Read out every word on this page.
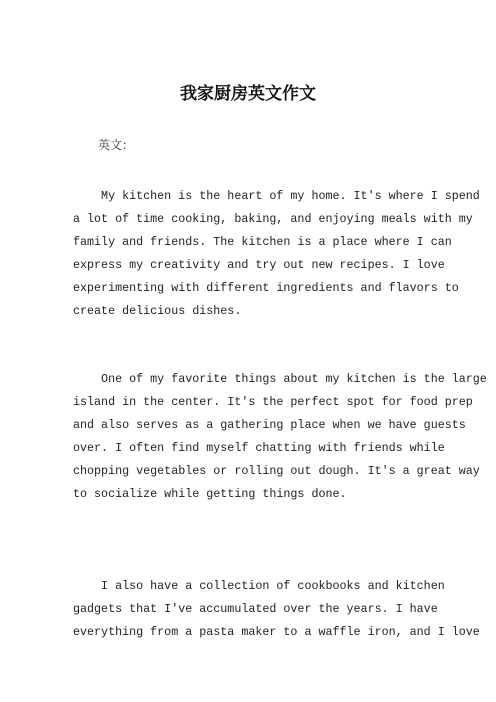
我家厨房英文作文
英文：

My kitchen is the heart of my home. It's where I spend
a lot of time cooking, baking, and enjoying meals with my
family and friends. The kitchen is a place where I can
express my creativity and try out new recipes. I love
experimenting with different ingredients and flavors to
create delicious dishes.

One of my favorite things about my kitchen is the large
island in the center. It's the perfect spot for food prep
and also serves as a gathering place when we have guests
over. I often find myself chatting with friends while
chopping vegetables or rolling out dough. It's a great way
to socialize while getting things done.

I also have a collection of cookbooks and kitchen
gadgets that I've accumulated over the years. I have
everything from a pasta maker to a waffle iron, and I love
